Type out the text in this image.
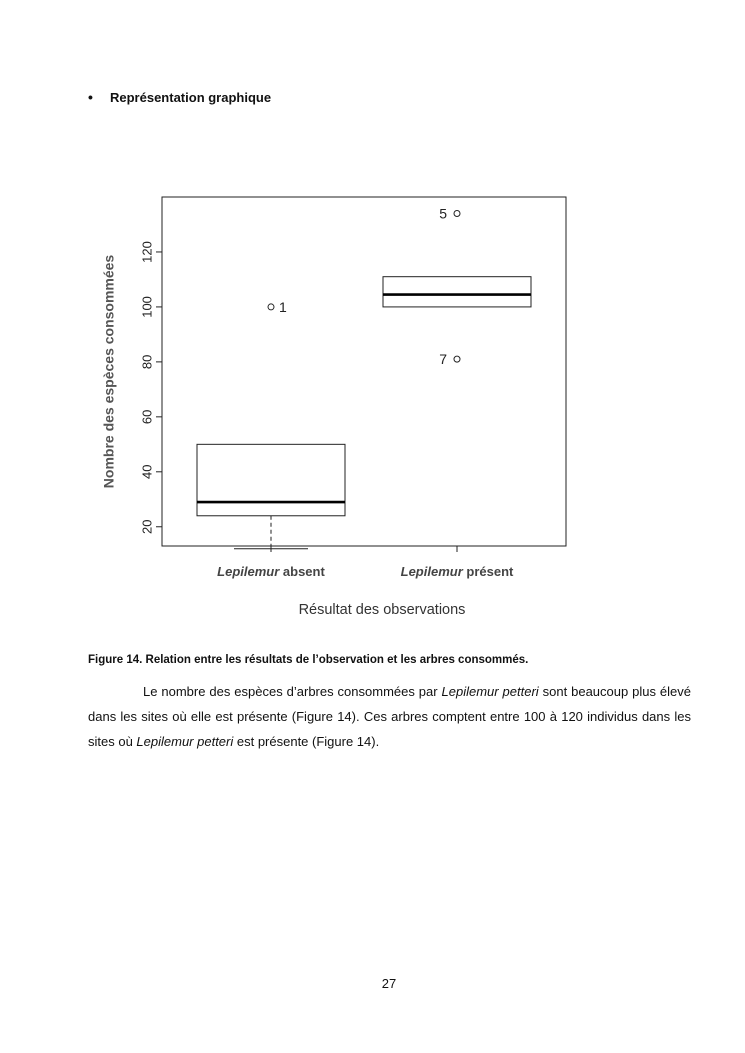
• Représentation graphique
20
40
60
80
100
120
Nombre des espèces consommées
Lepilemur absent	Lepilemur présent
Résultat des observations
1
5
7
Figure 14. Relation entre les résultats de l’observation et les arbres consommés.

Le nombre des espèces d’arbres consommées par Lepilemur petteri sont beaucoup plus élevé dans les sites où elle est présente (Figure 14). Ces arbres comptent entre 100 à 120 individus dans les sites où Lepilemur petteri est présente (Figure 14).

27
